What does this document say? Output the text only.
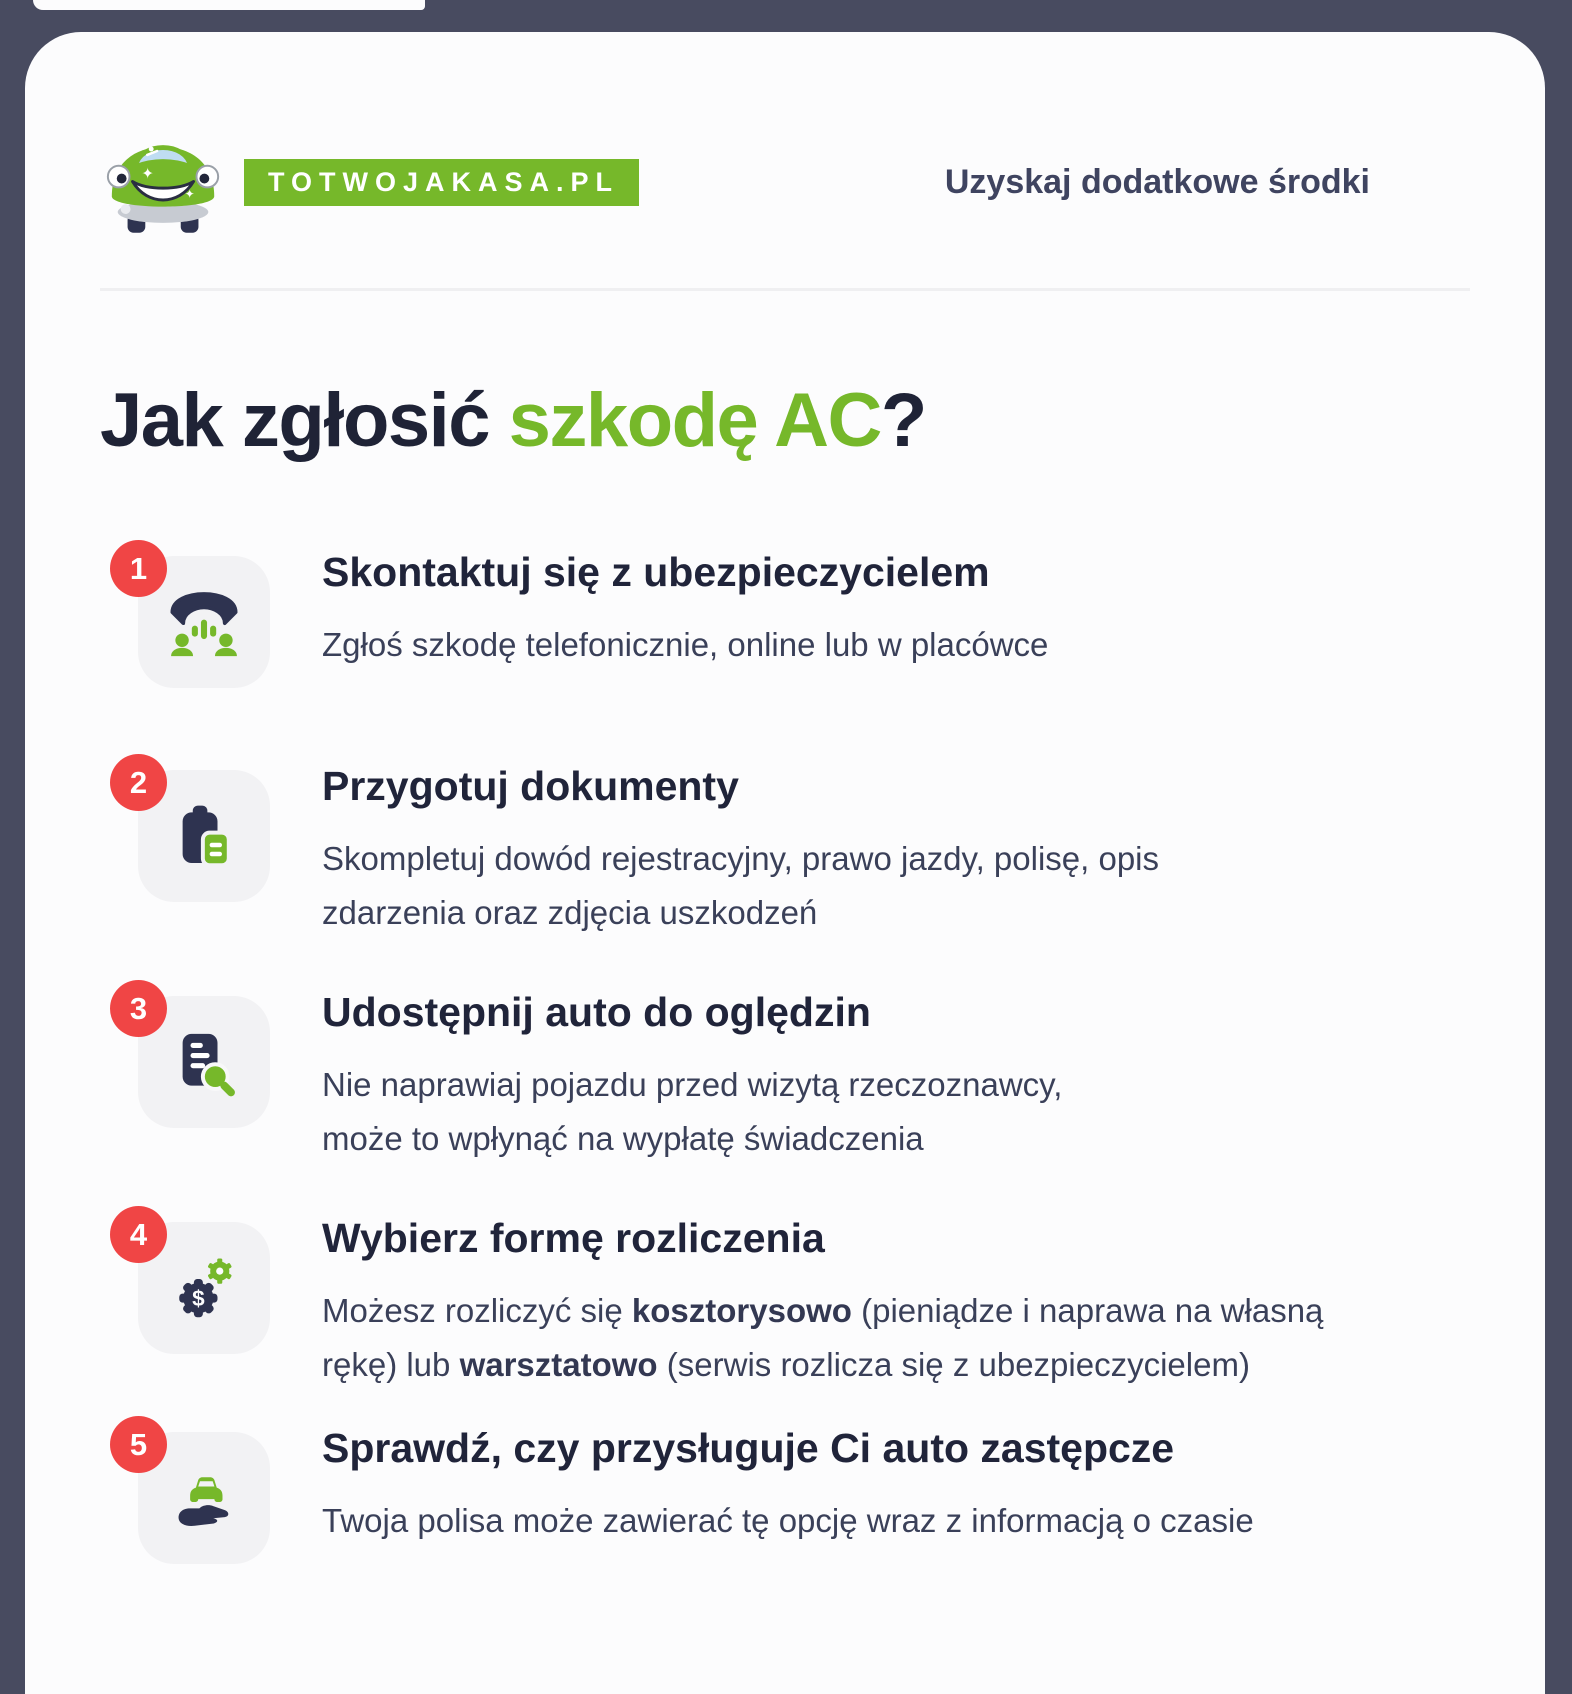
✦
✦	TOTWOJAKASA.PL	Uzyskaj dodatkowe środki
Jak zgłosić szkodę AC?
1	Skontaktuj się z ubezpieczycielem
Zgłoś szkodę telefonicznie, online lub w placówce
2	Przygotuj dokumenty
Skompletuj dowód rejestracyjny, prawo jazdy, polisę, opis
zdarzenia oraz zdjęcia uszkodzeń
3	Udostępnij auto do oględzin
Nie naprawiaj pojazdu przed wizytą rzeczoznawcy,
może to wpłynąć na wypłatę świadczenia
4
$
Wybierz formę rozliczenia
Możesz rozliczyć się kosztorysowo (pieniądze i naprawa na własną
rękę) lub warsztatowo (serwis rozlicza się z ubezpieczycielem)
5	Sprawdź, czy przysługuje Ci auto zastępcze
Twoja polisa może zawierać tę opcję wraz z informacją o czasie
